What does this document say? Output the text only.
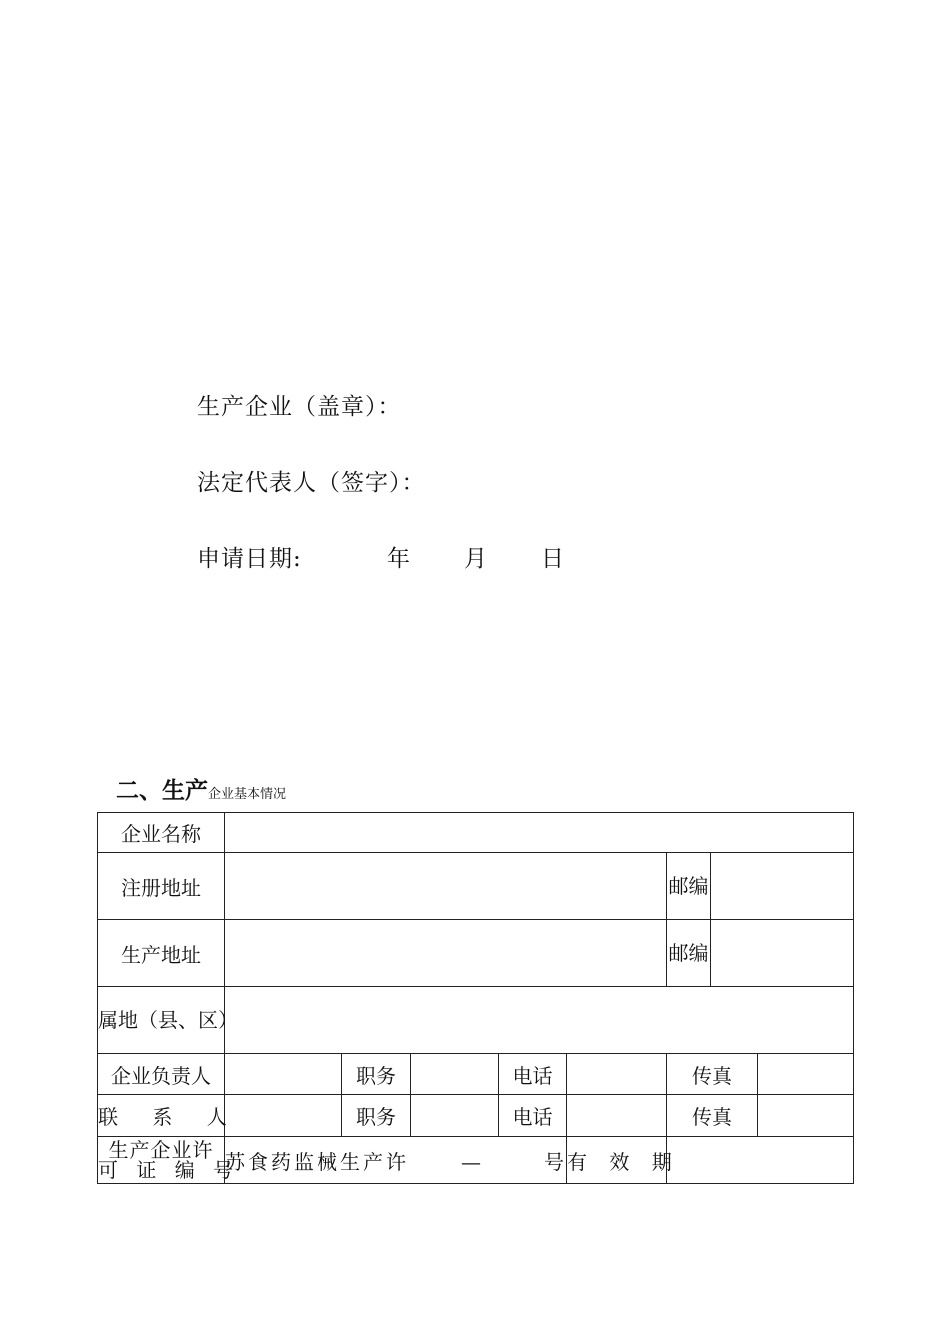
生产企业（盖章）：
法定代表人（签字）：

申请日期:

	年

月

日

二、生产企业基本情况
企业名称								
注册地址						邮编		
生产地址						邮编		
属地（县、区）								
企业负责人		职务		电话		传真		
联 系 人		职务		电话		传真		

生产企业许
可 证 编 号	苏食药监械生产许 — 号				有 效 期			
